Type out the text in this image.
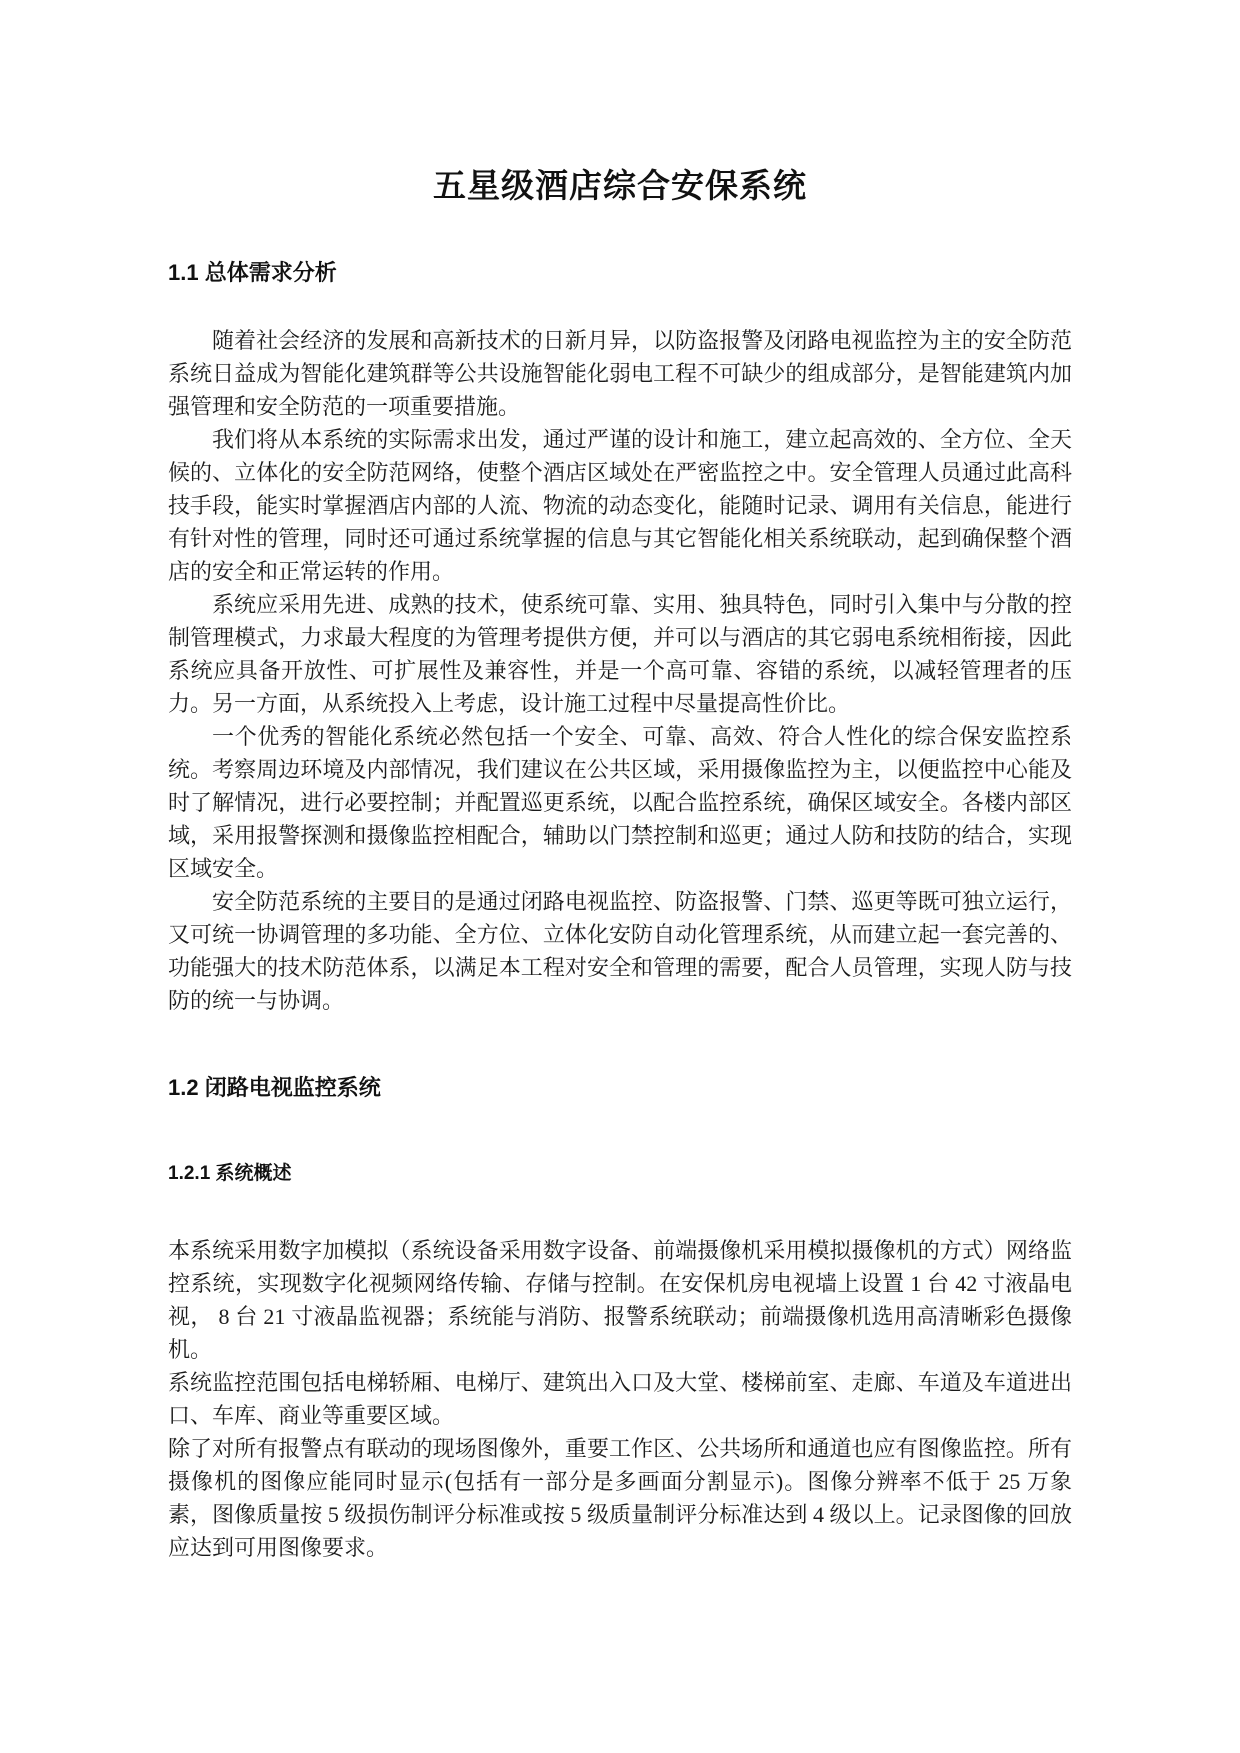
五星级酒店综合安保系统
1.1 总体需求分析

随着社会经济的发展和高新技术的日新月异，以防盗报警及闭路电视监控为主的安全防范系统日益成为智能化建筑群等公共设施智能化弱电工程不可缺少的组成部分，是智能建筑内加强管理和安全防范的一项重要措施。

我们将从本系统的实际需求出发，通过严谨的设计和施工，建立起高效的、全方位、全天候的、立体化的安全防范网络，使整个酒店区域处在严密监控之中。安全管理人员通过此高科技手段，能实时掌握酒店内部的人流、物流的动态变化，能随时记录、调用有关信息，能进行有针对性的管理，同时还可通过系统掌握的信息与其它智能化相关系统联动，起到确保整个酒店的安全和正常运转的作用。

系统应采用先进、成熟的技术，使系统可靠、实用、独具特色，同时引入集中与分散的控制管理模式，力求最大程度的为管理考提供方便，并可以与酒店的其它弱电系统相衔接，因此系统应具备开放性、可扩展性及兼容性，并是一个高可靠、容错的系统，以减轻管理者的压力。另一方面，从系统投入上考虑，设计施工过程中尽量提高性价比。

一个优秀的智能化系统必然包括一个安全、可靠、高效、符合人性化的综合保安监控系统。考察周边环境及内部情况，我们建议在公共区域，采用摄像监控为主，以便监控中心能及时了解情况，进行必要控制；并配置巡更系统，以配合监控系统，确保区域安全。各楼内部区域，采用报警探测和摄像监控相配合，辅助以门禁控制和巡更；通过人防和技防的结合，实现区域安全。

安全防范系统的主要目的是通过闭路电视监控、防盗报警、门禁、巡更等既可独立运行，又可统一协调管理的多功能、全方位、立体化安防自动化管理系统，从而建立起一套完善的、功能强大的技术防范体系，以满足本工程对安全和管理的需要，配合人员管理，实现人防与技防的统一与协调。

1.2 闭路电视监控系统
1.2.1 系统概述

本系统采用数字加模拟（系统设备采用数字设备、前端摄像机采用模拟摄像机的方式）网络监控系统，实现数字化视频网络传输、存储与控制。在安保机房电视墙上设置 1 台 42 寸液晶电视， 8 台 21 寸液晶监视器；系统能与消防、报警系统联动；前端摄像机选用高清晰彩色摄像机。

系统监控范围包括电梯轿厢、电梯厅、建筑出入口及大堂、楼梯前室、走廊、车道及车道进出口、车库、商业等重要区域。

除了对所有报警点有联动的现场图像外，重要工作区、公共场所和通道也应有图像监控。所有摄像机的图像应能同时显示(包括有一部分是多画面分割显示)。图像分辨率不低于 25 万象素，图像质量按 5 级损伤制评分标准或按 5 级质量制评分标准达到 4 级以上。记录图像的回放应达到可用图像要求。
